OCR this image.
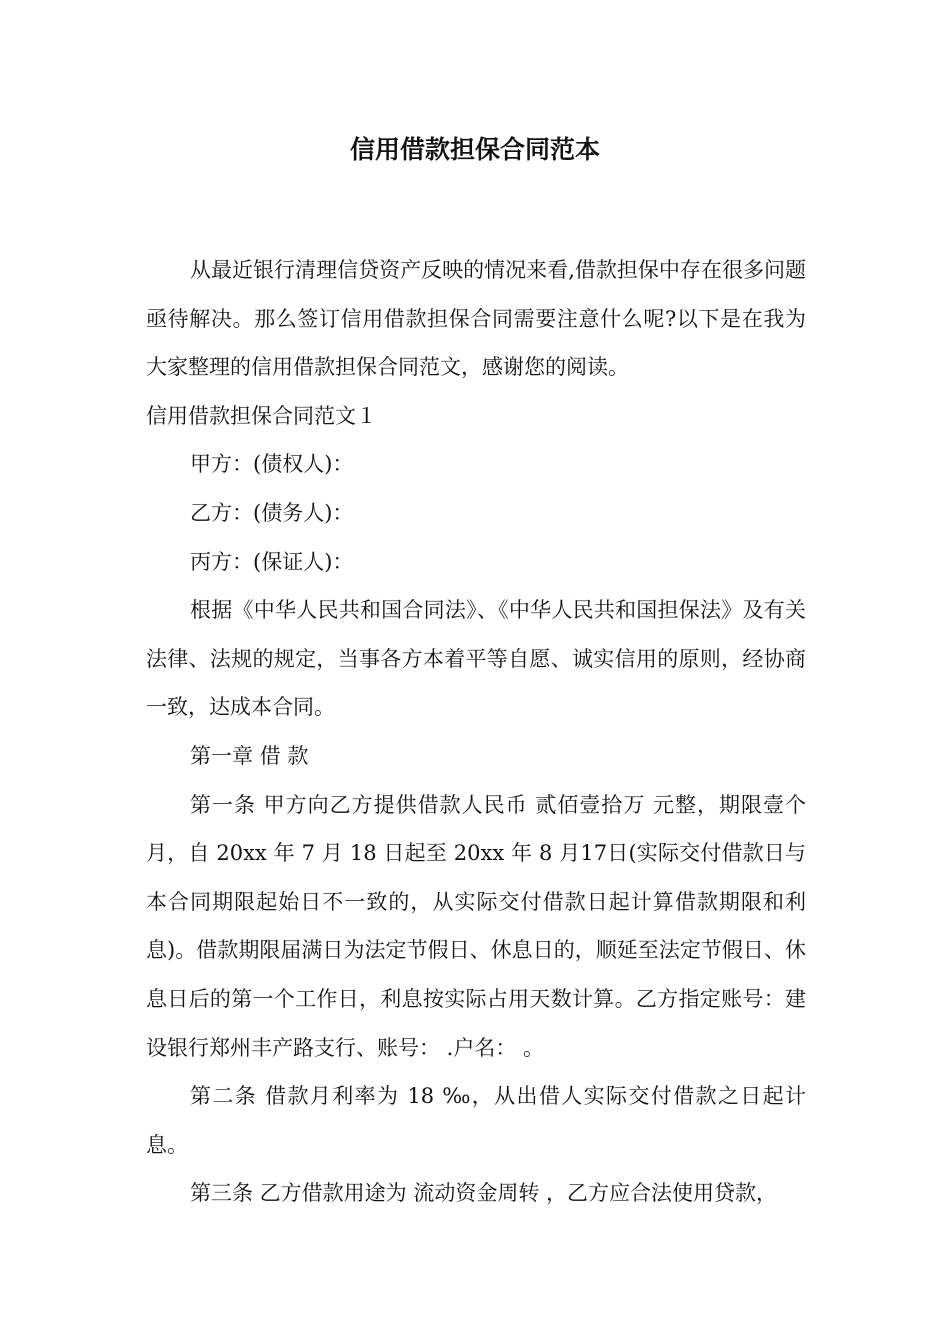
信用借款担保合同范本

从最近银行清理信贷资产反映的情况来看,借款担保中存在很多问题亟待解决。那么签订信用借款担保合同需要注意什么呢?以下是在我为大家整理的信用借款担保合同范文，感谢您的阅读。

信用借款担保合同范文１

甲方：(债权人)：

乙方：(债务人)：

丙方：(保证人)：

根据《中华人民共和国合同法》、《中华人民共和国担保法》及有关法律、法规的规定，当事各方本着平等自愿、诚实信用的原则，经协商一致，达成本合同。

第一章 借 款

第一条 甲方向乙方提供借款人民币 贰佰壹拾万 元整，期限壹个月，自 20xx 年 7 月 18 日起至 20xx 年 8 月17日(实际交付借款日与本合同期限起始日不一致的，从实际交付借款日起计算借款期限和利息)。借款期限届满日为法定节假日、休息日的，顺延至法定节假日、休息日后的第一个工作日，利息按实际占用天数计算。乙方指定账号：建设银行郑州丰产路支行、账号： .户名： 。

第二条 借款月利率为 18 ‰，从出借人实际交付借款之日起计息。

第三条 乙方借款用途为 流动资金周转 ，乙方应合法使用贷款，
